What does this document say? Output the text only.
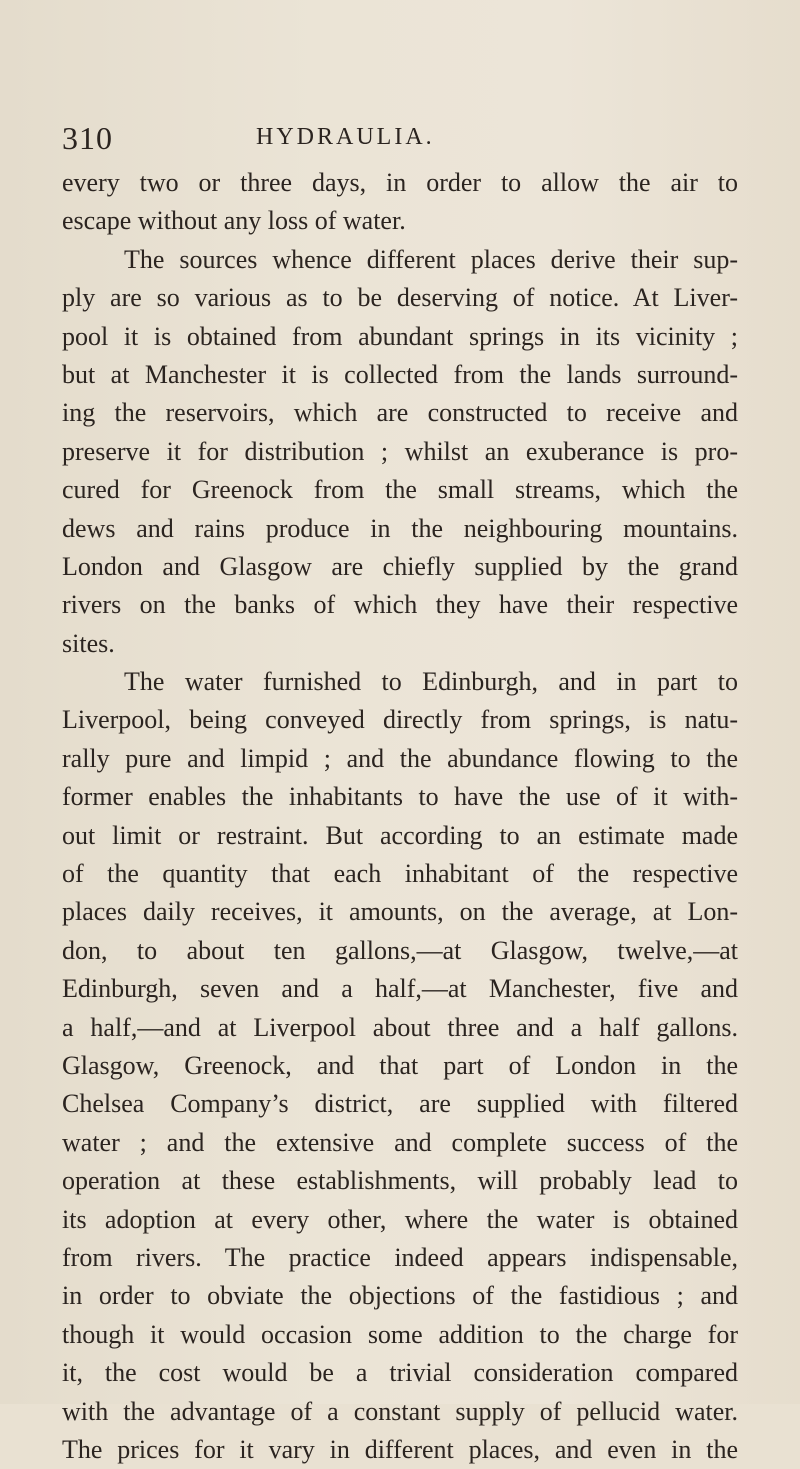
310	HYDRAULIA.
every two or three days, in order to allow the air to
escape without any loss of water.
The sources whence different places derive their sup-
ply are so various as to be deserving of notice. At Liver-
pool it is obtained from abundant springs in its vicinity ;
but at Manchester it is collected from the lands surround-
ing the reservoirs, which are constructed to receive and
preserve it for distribution ; whilst an exuberance is pro-
cured for Greenock from the small streams, which the
dews and rains produce in the neighbouring mountains.
London and Glasgow are chiefly supplied by the grand
rivers on the banks of which they have their respective
sites.
The water furnished to Edinburgh, and in part to
Liverpool, being conveyed directly from springs, is natu-
rally pure and limpid ; and the abundance flowing to the
former enables the inhabitants to have the use of it with-
out limit or restraint. But according to an estimate made
of the quantity that each inhabitant of the respective
places daily receives, it amounts, on the average, at Lon-
don, to about ten gallons,—at Glasgow, twelve,—at
Edinburgh, seven and a half,—at Manchester, five and
a half,—and at Liverpool about three and a half gallons.
Glasgow, Greenock, and that part of London in the
Chelsea Company’s district, are supplied with filtered
water ; and the extensive and complete success of the
operation at these establishments, will probably lead to
its adoption at every other, where the water is obtained
from rivers. The practice indeed appears indispensable,
in order to obviate the objections of the fastidious ; and
though it would occasion some addition to the charge for
it, the cost would be a trivial consideration compared
with the advantage of a constant supply of pellucid water.
The prices for it vary in different places, and even in the
